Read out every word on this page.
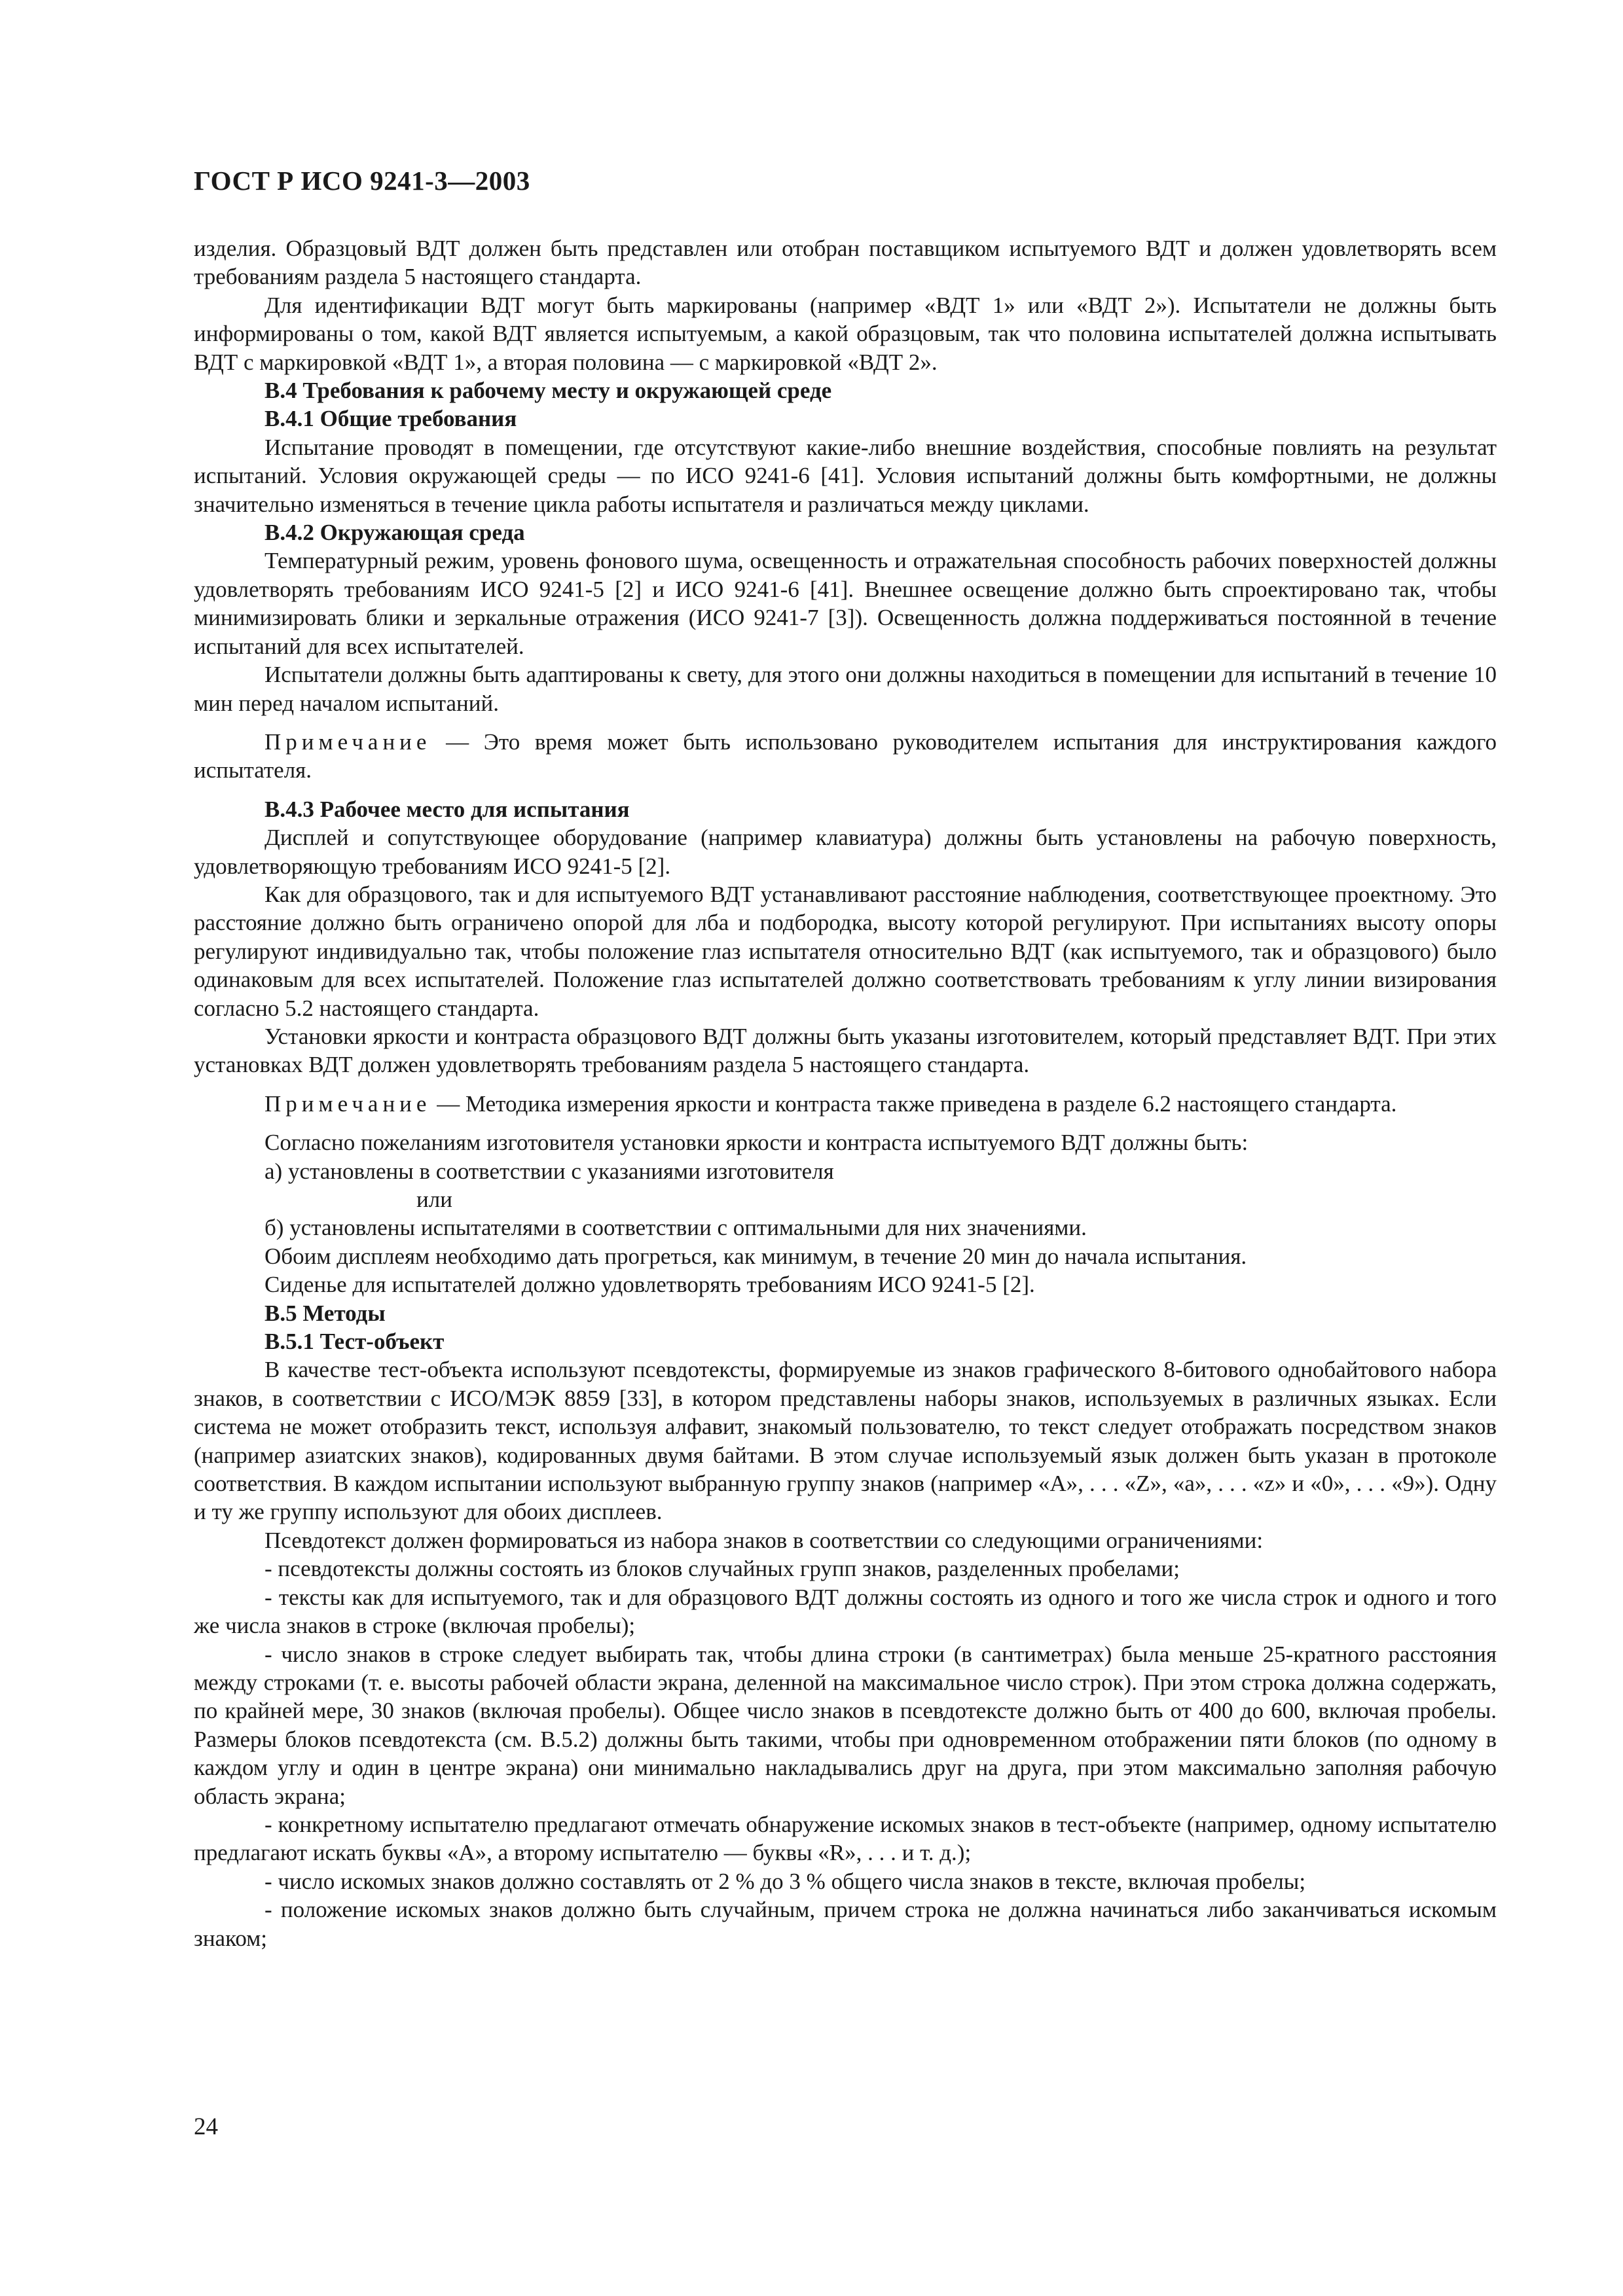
ГОСТ Р ИСО 9241-3—2003

изделия. Образцовый ВДТ должен быть представлен или отобран поставщиком испытуемого ВДТ и должен удовлетворять всем требованиям раздела 5 настоящего стандарта.

Для идентификации ВДТ могут быть маркированы (например «ВДТ 1» или «ВДТ 2»). Испытатели не должны быть информированы о том, какой ВДТ является испытуемым, а какой образцовым, так что половина испытателей должна испытывать ВДТ с маркировкой «ВДТ 1», а вторая половина — с маркировкой «ВДТ 2».

В.4 Требования к рабочему месту и окружающей среде

В.4.1 Общие требования

Испытание проводят в помещении, где отсутствуют какие-либо внешние воздействия, способные повлиять на результат испытаний. Условия окружающей среды — по ИСО 9241-6 [41]. Условия испытаний должны быть комфортными, не должны значительно изменяться в течение цикла работы испытателя и различаться между циклами.

В.4.2 Окружающая среда

Температурный режим, уровень фонового шума, освещенность и отражательная способность рабочих поверхностей должны удовлетворять требованиям ИСО 9241-5 [2] и ИСО 9241-6 [41]. Внешнее освещение должно быть спроектировано так, чтобы минимизировать блики и зеркальные отражения (ИСО 9241-7 [3]). Освещенность должна поддерживаться постоянной в течение испытаний для всех испытателей.

Испытатели должны быть адаптированы к свету, для этого они должны находиться в помещении для испытаний в течение 10 мин перед началом испытаний.

Примечание — Это время может быть использовано руководителем испытания для инструктирования каждого испытателя.

В.4.3 Рабочее место для испытания

Дисплей и сопутствующее оборудование (например клавиатура) должны быть установлены на рабочую поверхность, удовлетворяющую требованиям ИСО 9241-5 [2].

Как для образцового, так и для испытуемого ВДТ устанавливают расстояние наблюдения, соответствующее проектному. Это расстояние должно быть ограничено опорой для лба и подбородка, высоту которой регулируют. При испытаниях высоту опоры регулируют индивидуально так, чтобы положение глаз испытателя относительно ВДТ (как испытуемого, так и образцового) было одинаковым для всех испытателей. Положение глаз испытателей должно соответствовать требованиям к углу линии визирования согласно 5.2 настоящего стандарта.

Установки яркости и контраста образцового ВДТ должны быть указаны изготовителем, который представляет ВДТ. При этих установках ВДТ должен удовлетворять требованиям раздела 5 настоящего стандарта.

Примечание — Методика измерения яркости и контраста также приведена в разделе 6.2 настоящего стандарта.

Согласно пожеланиям изготовителя установки яркости и контраста испытуемого ВДТ должны быть:

а) установлены в соответствии с указаниями изготовителя

или

б) установлены испытателями в соответствии с оптимальными для них значениями.

Обоим дисплеям необходимо дать прогреться, как минимум, в течение 20 мин до начала испытания.

Сиденье для испытателей должно удовлетворять требованиям ИСО 9241-5 [2].

В.5 Методы

В.5.1 Тест-объект

В качестве тест-объекта используют псевдотексты, формируемые из знаков графического 8-битового однобайтового набора знаков, в соответствии с ИСО/МЭК 8859 [33], в котором представлены наборы знаков, используемых в различных языках. Если система не может отобразить текст, используя алфавит, знакомый пользователю, то текст следует отображать посредством знаков (например азиатских знаков), кодированных двумя байтами. В этом случае используемый язык должен быть указан в протоколе соответствия. В каждом испытании используют выбранную группу знаков (например «A», . . . «Z», «a», . . . «z» и «0», . . . «9»). Одну и ту же группу используют для обоих дисплеев.

Псевдотекст должен формироваться из набора знаков в соответствии со следующими ограничениями:

- псевдотексты должны состоять из блоков случайных групп знаков, разделенных пробелами;

- тексты как для испытуемого, так и для образцового ВДТ должны состоять из одного и того же числа строк и одного и того же числа знаков в строке (включая пробелы);

- число знаков в строке следует выбирать так, чтобы длина строки (в сантиметрах) была меньше 25-кратного расстояния между строками (т. е. высоты рабочей области экрана, деленной на максимальное число строк). При этом строка должна содержать, по крайней мере, 30 знаков (включая пробелы). Общее число знаков в псевдотексте должно быть от 400 до 600, включая пробелы. Размеры блоков псевдотекста (см. В.5.2) должны быть такими, чтобы при одновременном отображении пяти блоков (по одному в каждом углу и один в центре экрана) они минимально накладывались друг на друга, при этом максимально заполняя рабочую область экрана;

- конкретному испытателю предлагают отмечать обнаружение искомых знаков в тест-объекте (например, одному испытателю предлагают искать буквы «A», а второму испытателю — буквы «R», . . . и т. д.);

- число искомых знаков должно составлять от 2 % до 3 % общего числа знаков в тексте, включая пробелы;

- положение искомых знаков должно быть случайным, причем строка не должна начинаться либо заканчиваться искомым знаком;

24
